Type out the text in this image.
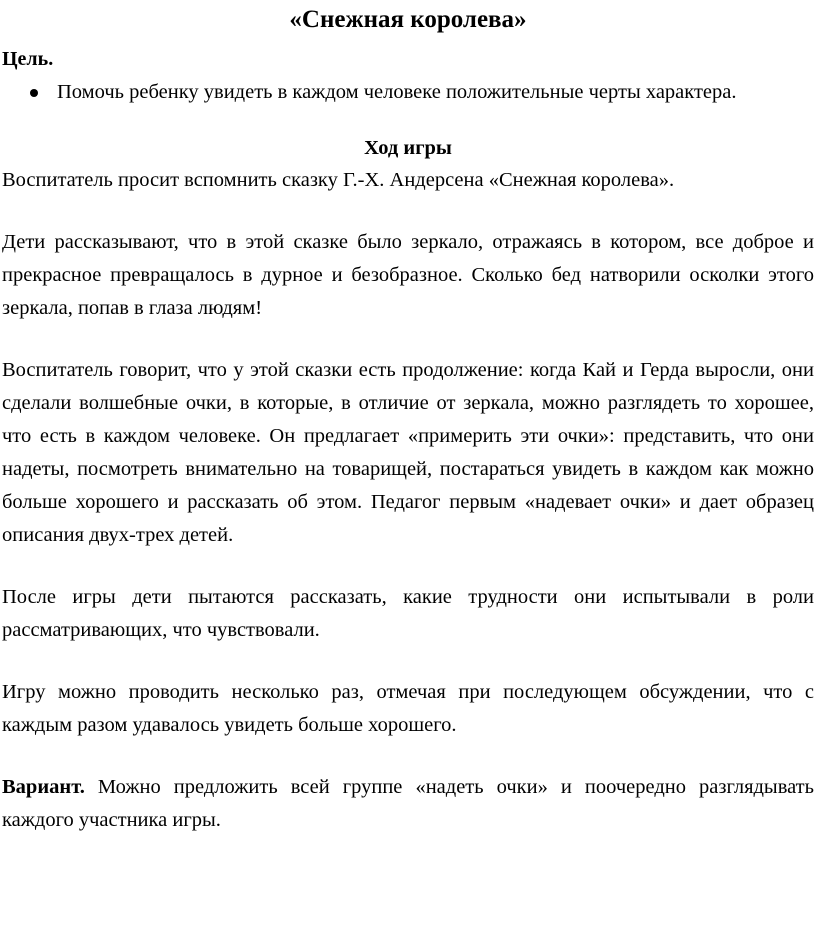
«Снежная королева»
Цель.
Помочь ребенку увидеть в каждом человеке положительные черты характера.
Ход игры

Воспитатель просит вспомнить сказку Г.-Х. Андерсена «Снежная королева».

Дети рассказывают, что в этой сказке было зеркало, отражаясь в котором, все доброе и прекрасное превращалось в дурное и безобразное. Сколько бед натворили осколки этого зеркала, попав в глаза людям!

Воспитатель говорит, что у этой сказки есть продолжение: когда Кай и Герда выросли, они сделали волшебные очки, в которые, в отличие от зеркала, можно разглядеть то хорошее, что есть в каждом человеке. Он предлагает «примерить эти очки»: представить, что они надеты, посмотреть внимательно на товарищей, постараться увидеть в каждом как можно больше хорошего и рассказать об этом. Педагог первым «надевает очки» и дает образец описания двух-трех детей.

После игры дети пытаются рассказать, какие трудности они испытывали в роли рассматривающих, что чувствовали.

Игру можно проводить несколько раз, отмечая при последующем обсуждении, что с каждым разом удавалось увидеть больше хорошего.

Вариант. Можно предложить всей группе «надеть очки» и поочередно разглядывать каждого участника игры.
